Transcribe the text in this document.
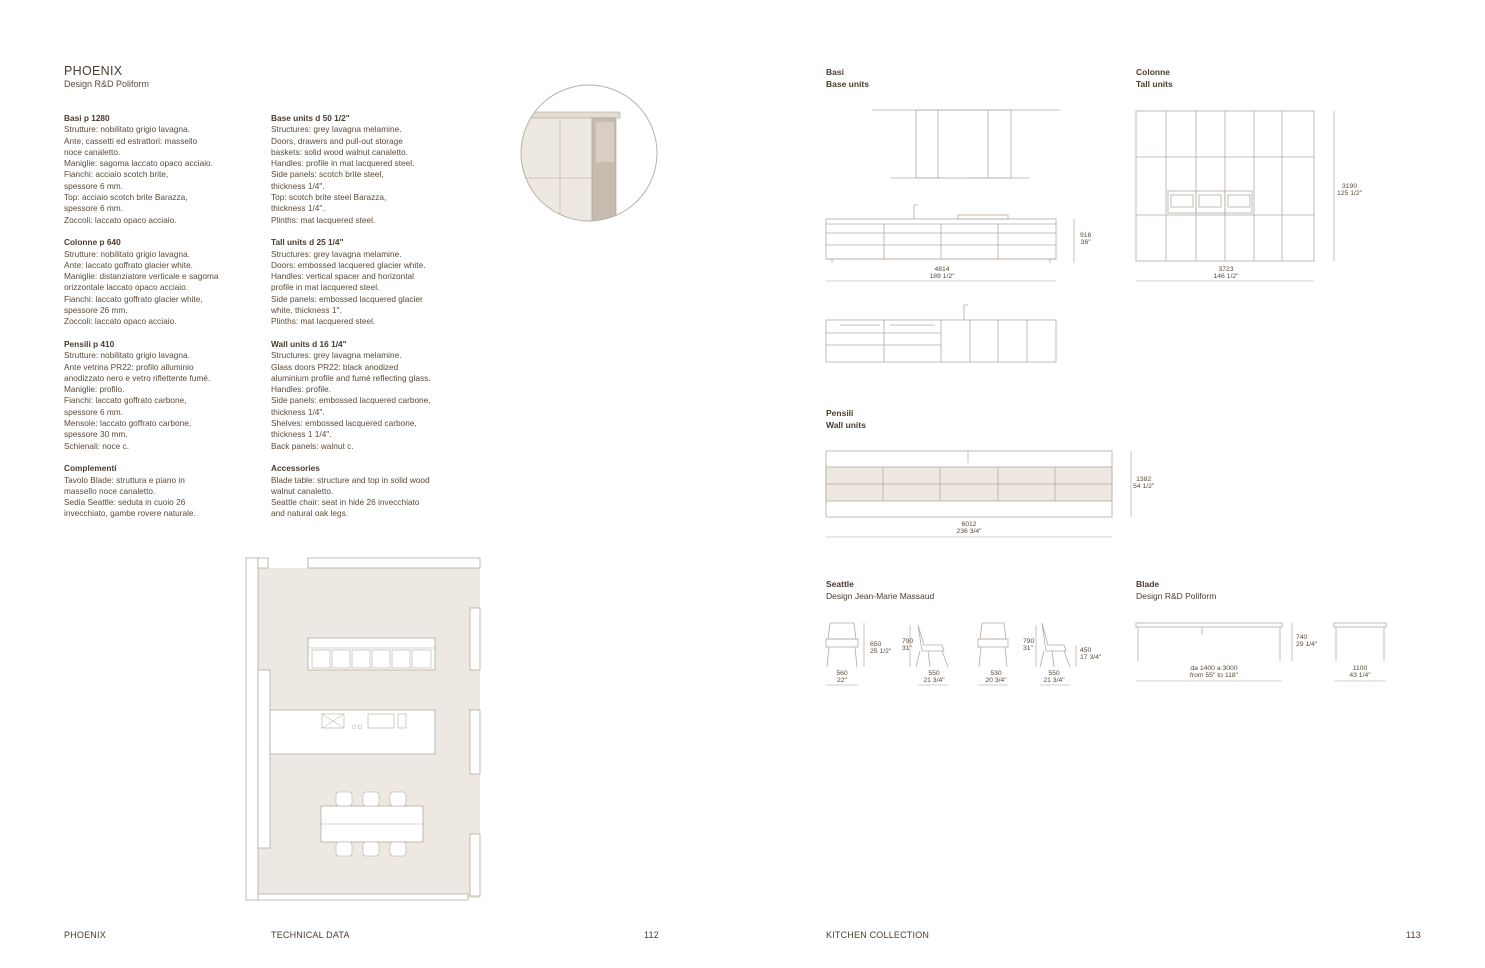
PHOENIX
Design R&D Poliform
Basi p 1280
Strutture: nobilitato grigio lavagna.
Ante, cassetti ed estrattori: massello
noce canaletto.
Maniglie: sagoma laccato opaco acciaio.
Fianchi: acciaio scotch brite,
spessore 6 mm.
Top: acciaio scotch brite Barazza,
spessore 6 mm.
Zoccoli: laccato opaco acciaio.
Colonne p 640
Strutture: nobilitato grigio lavagna.
Ante: laccato goffrato glacier white.
Maniglie: distanziatore verticale e sagoma
orizzontale laccato opaco acciaio.
Fianchi: laccato goffrato glacier white,
spessore 26 mm.
Zoccoli: laccato opaco acciaio.
Pensili p 410
Strutture: nobilitato grigio lavagna.
Ante vetrina PR22: profilo alluminio
anodizzato nero e vetro riflettente fumé.
Maniglie: profilo.
Fianchi: laccato goffrato carbone,
spessore 6 mm.
Mensole: laccato goffrato carbone,
spessore 30 mm.
Schienali: noce c.
Complementi
Tavolo Blade: struttura e piano in
massello noce canaletto.
Sedia Seattle: seduta in cuoio 26
invecchiato, gambe rovere naturale.
Base units d 50 1/2"
Structures: grey lavagna melamine.
Doors, drawers and pull-out storage
baskets: solid wood walnut canaletto.
Handles: profile in mat lacquered steel.
Side panels: scotch brite steel,
thickness 1/4".
Top: scotch brite steel Barazza,
thickness 1/4".
Plinths: mat lacquered steel.
Tall units d 25 1/4"
Structures: grey lavagna melamine.
Doors: embossed lacquered glacier white.
Handles: vertical spacer and horizontal
profile in mat lacquered steel.
Side panels: embossed lacquered glacier
white, thickness 1".
Plinths: mat lacquered steel.
Wall units d 16 1/4"
Structures: grey lavagna melamine.
Glass doors PR22: black anodized
aluminium profile and fumé reflecting glass.
Handles: profile.
Side panels: embossed lacquered carbone,
thickness 1/4".
Shelves: embossed lacquered carbone,
thickness 1 1/4".
Back panels: walnut c.
Accessories
Blade table: structure and top in solid wood
walnut canaletto.
Seattle chair: seat in hide 26 invecchiato
and natural oak legs.
Basi
Base units
Colonne
Tall units
Pensili
Wall units
Seattle
Design Jean-Marie Massaud
Blade
Design R&D Poliform
916
36"
4814
189 1/2"
3190
125 1/2"
3723
146 1/2"
1382
54 1/2"
6012
236 3/4"
560
22"
650
25 1/2"
790
31"
550
21 3/4"
530
20 3/4"
790
31"	450
17 3/4"
550
21 3/4"
da 1400 a 3000
from 55" to 118"
740
29 1/4"
1100
43 1/4"
PHOENIX	TECHNICAL DATA	112	KITCHEN COLLECTION	113
